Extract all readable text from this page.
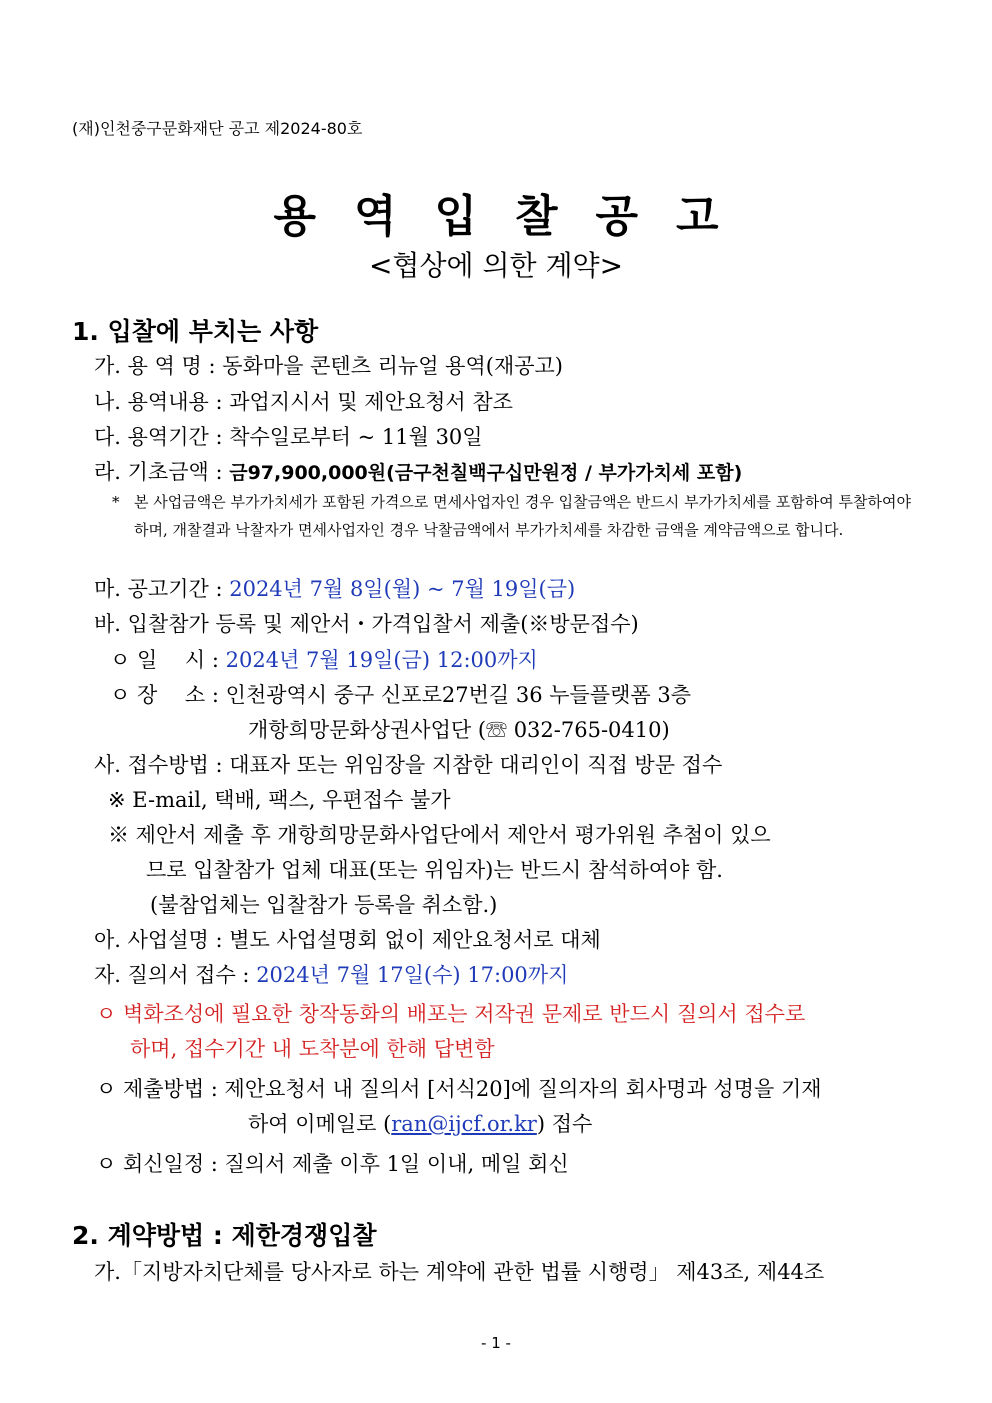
(재)인천중구문화재단 공고 제2024-80호
용역입찰공고
<협상에 의한 계약>
1. 입찰에 부치는 사항
가. 용 역 명 : 동화마을 콘텐츠 리뉴얼 용역(재공고)
나. 용역내용 : 과업지시서 및 제안요청서 참조
다. 용역기간 : 착수일로부터 ~ 11월 30일
라. 기초금액 : 금97,900,000원(금구천칠백구십만원정 / 부가가치세 포함)
* 본 사업금액은 부가가치세가 포함된 가격으로 면세사업자인 경우 입찰금액은 반드시 부가가치세를 포함하여 투찰하여야 하며, 개찰결과 낙찰자가 면세사업자인 경우 낙찰금액에서 부가가치세를 차감한 금액을 계약금액으로 합니다.
마. 공고기간 : 2024년 7월 8일(월) ~ 7월 19일(금)
바. 입찰참가 등록 및 제안서・가격입찰서 제출(※방문접수)
ㅇ 일　 시 : 2024년 7월 19일(금) 12:00까지
ㅇ 장　 소 : 인천광역시 중구 신포로27번길 36 누들플랫폼 3층
개항희망문화상권사업단 (☏ 032-765-0410)
사. 접수방법 : 대표자 또는 위임장을 지참한 대리인이 직접 방문 접수
※ E-mail, 택배, 팩스, 우편접수 불가
※ 제안서 제출 후 개항희망문화사업단에서 제안서 평가위원 추첨이 있으
므로 입찰참가 업체 대표(또는 위임자)는 반드시 참석하여야 함.
(불참업체는 입찰참가 등록을 취소함.)
아. 사업설명 : 별도 사업설명회 없이 제안요청서로 대체
자. 질의서 접수 : 2024년 7월 17일(수) 17:00까지
ㅇ 벽화조성에 필요한 창작동화의 배포는 저작권 문제로 반드시 질의서 접수로
하며, 접수기간 내 도착분에 한해 답변함
ㅇ 제출방법 : 제안요청서 내 질의서 [서식20]에 질의자의 회사명과 성명을 기재
하여 이메일로 (ran@ijcf.or.kr) 접수
ㅇ 회신일정 : 질의서 제출 이후 1일 이내, 메일 회신
2. 계약방법 : 제한경쟁입찰
가.「지방자치단체를 당사자로 하는 계약에 관한 법률 시행령」 제43조, 제44조
- 1 -
